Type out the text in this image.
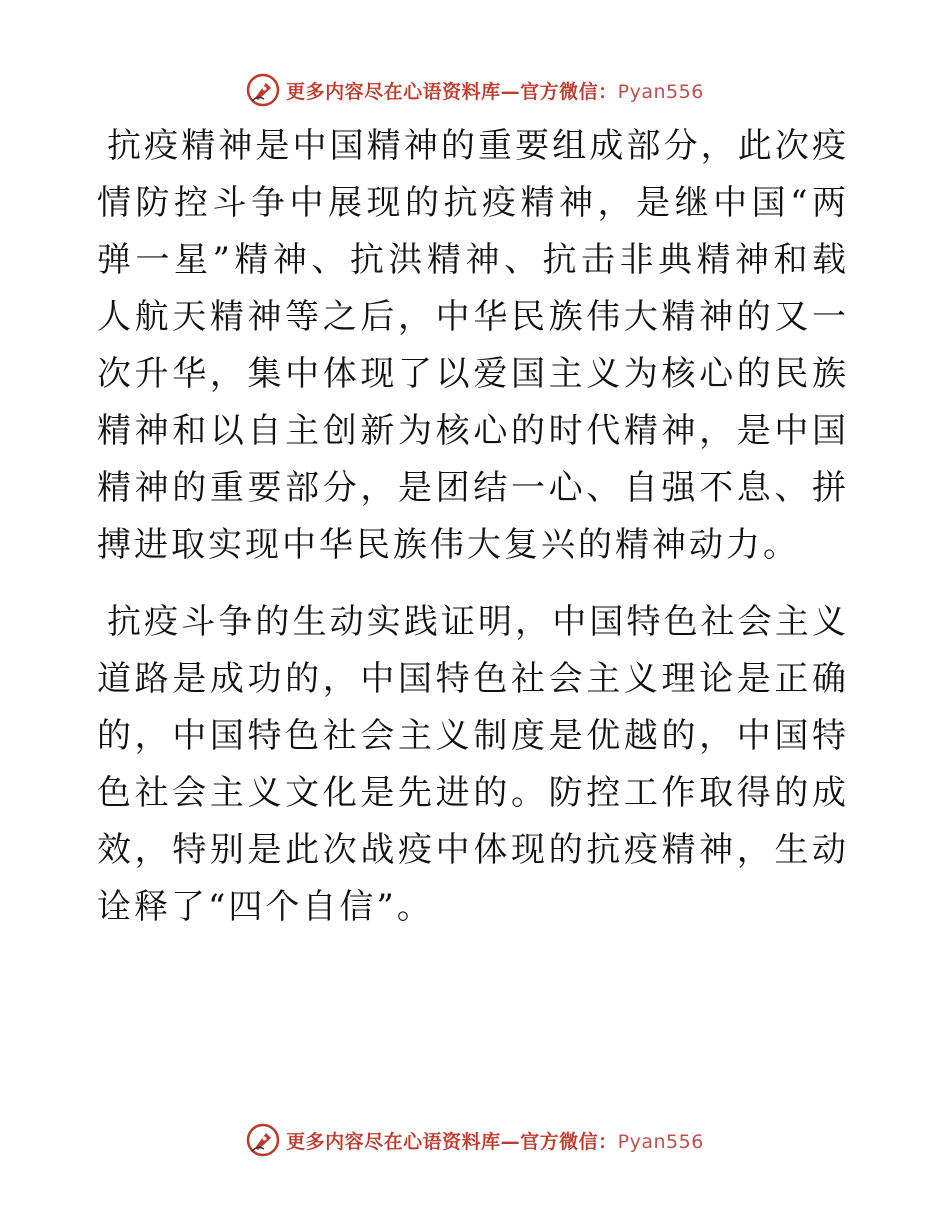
更多内容尽在心语资料库—官方微信：Pyan556

抗疫精神是中国精神的重要组成部分，此次疫情防控斗争中展现的抗疫精神，是继中国“两弹一星”精神、抗洪精神、抗击非典精神和载人航天精神等之后，中华民族伟大精神的又一次升华，集中体现了以爱国主义为核心的民族精神和以自主创新为核心的时代精神，是中国精神的重要部分，是团结一心、自强不息、拼搏进取实现中华民族伟大复兴的精神动力。

抗疫斗争的生动实践证明，中国特色社会主义道路是成功的，中国特色社会主义理论是正确的，中国特色社会主义制度是优越的，中国特色社会主义文化是先进的。防控工作取得的成效，特别是此次战疫中体现的抗疫精神，生动诠释了“四个自信”。

更多内容尽在心语资料库—官方微信：Pyan556
